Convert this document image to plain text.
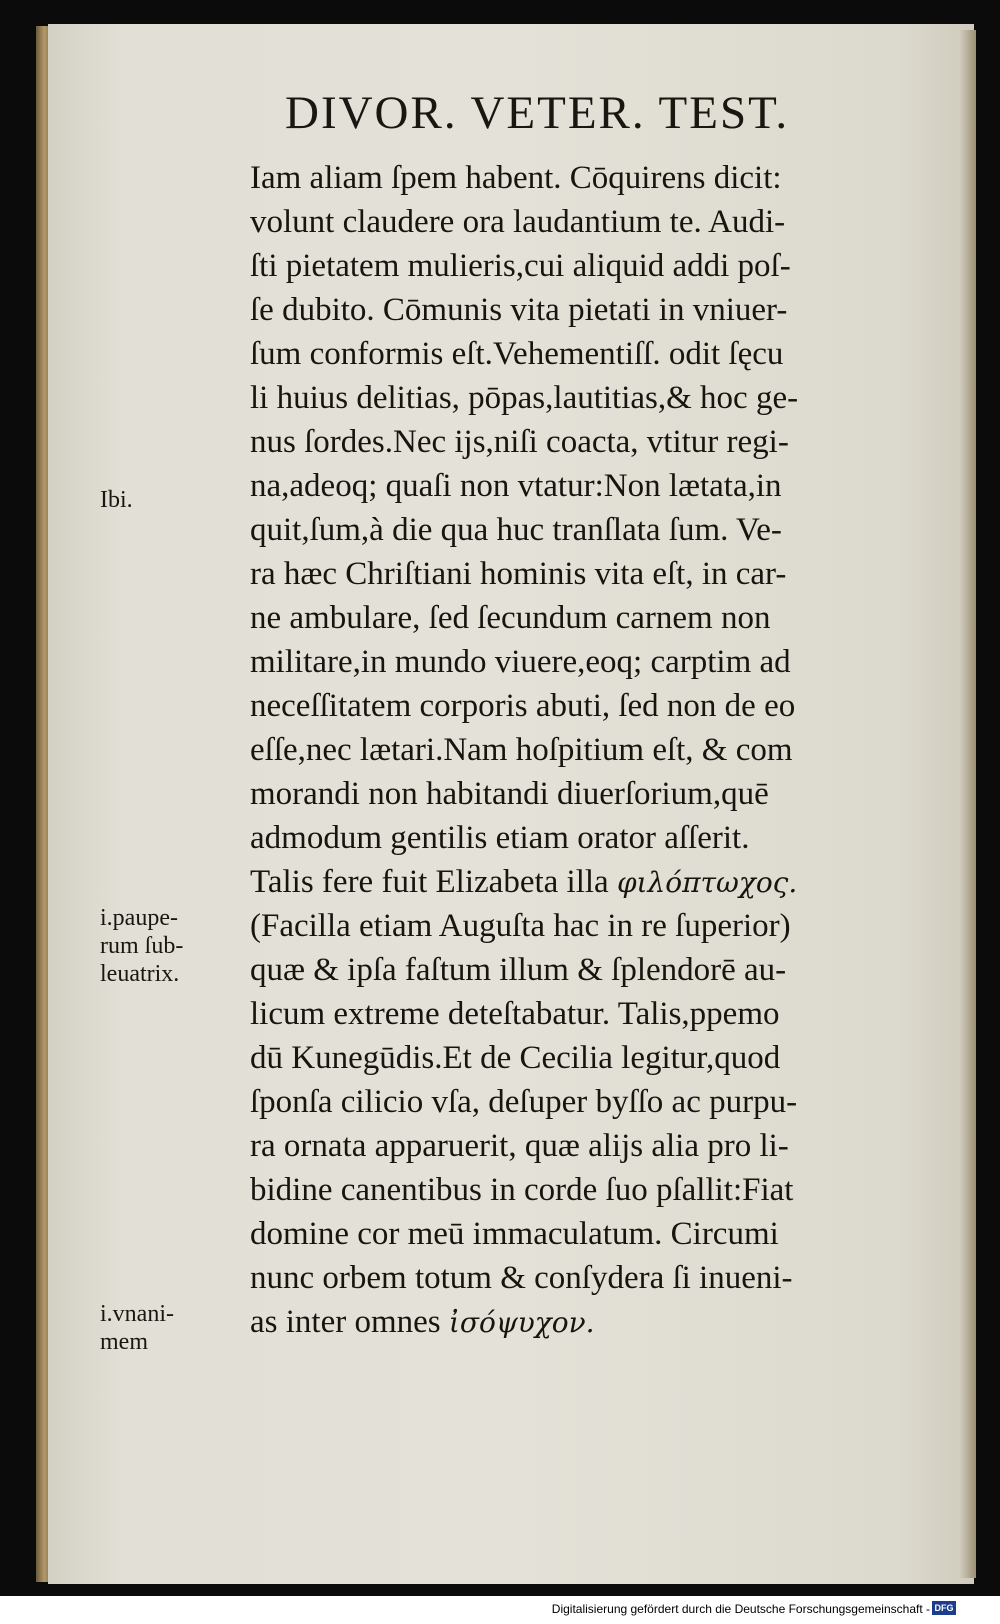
DIVOR. VETER. TEST.
Iam aliam ſpem habent. Cōquirens dicit:
volunt claudere ora laudantium te. Audi-
ſti pietatem mulieris,cui aliquid addi poſ-
ſe dubito. Cōmunis vita pietati in vniuer-
ſum conformis eſt.Vehementiſſ. odit ſęcu
li huius delitias, pōpas,lautitias,& hoc ge-
nus ſordes.Nec ijs,niſi coacta, vtitur regi-
na,adeoq; quaſi non vtatur:Non lætata,in
quit,ſum,à die qua huc tranſlata ſum. Ve-
ra hæc Chriſtiani hominis vita eſt, in car-
ne ambulare, ſed ſecundum carnem non
militare,in mundo viuere,eoq; carptim ad
neceſſitatem corporis abuti, ſed non de eo
eſſe,nec lætari.Nam hoſpitium eſt, & com
morandi non habitandi diuerſorium,quē
admodum gentilis etiam orator aſſerit.
Talis fere fuit Elizabeta illa φιλόπτωχος.
(Facilla etiam Auguſta hac in re ſuperior)
quæ & ipſa faſtum illum & ſplendorē au-
licum extreme deteſtabatur. Talis,ppemo
dū Kunegūdis.Et de Cecilia legitur,quod
ſponſa cilicio vſa, deſuper byſſo ac purpu-
ra ornata apparuerit, quæ alijs alia pro li-
bidine canentibus in corde ſuo pſallit:Fiat
domine cor meū immaculatum. Circumi
nunc orbem totum & conſydera ſi inueni-
as inter omnes ἰσόψυχον.
Ibi.
i.paupe-
rum ſub-
leuatrix.
i.vnani-
mem
Digitalisierung gefördert durch die Deutsche Forschungsgemeinschaft - DFG
